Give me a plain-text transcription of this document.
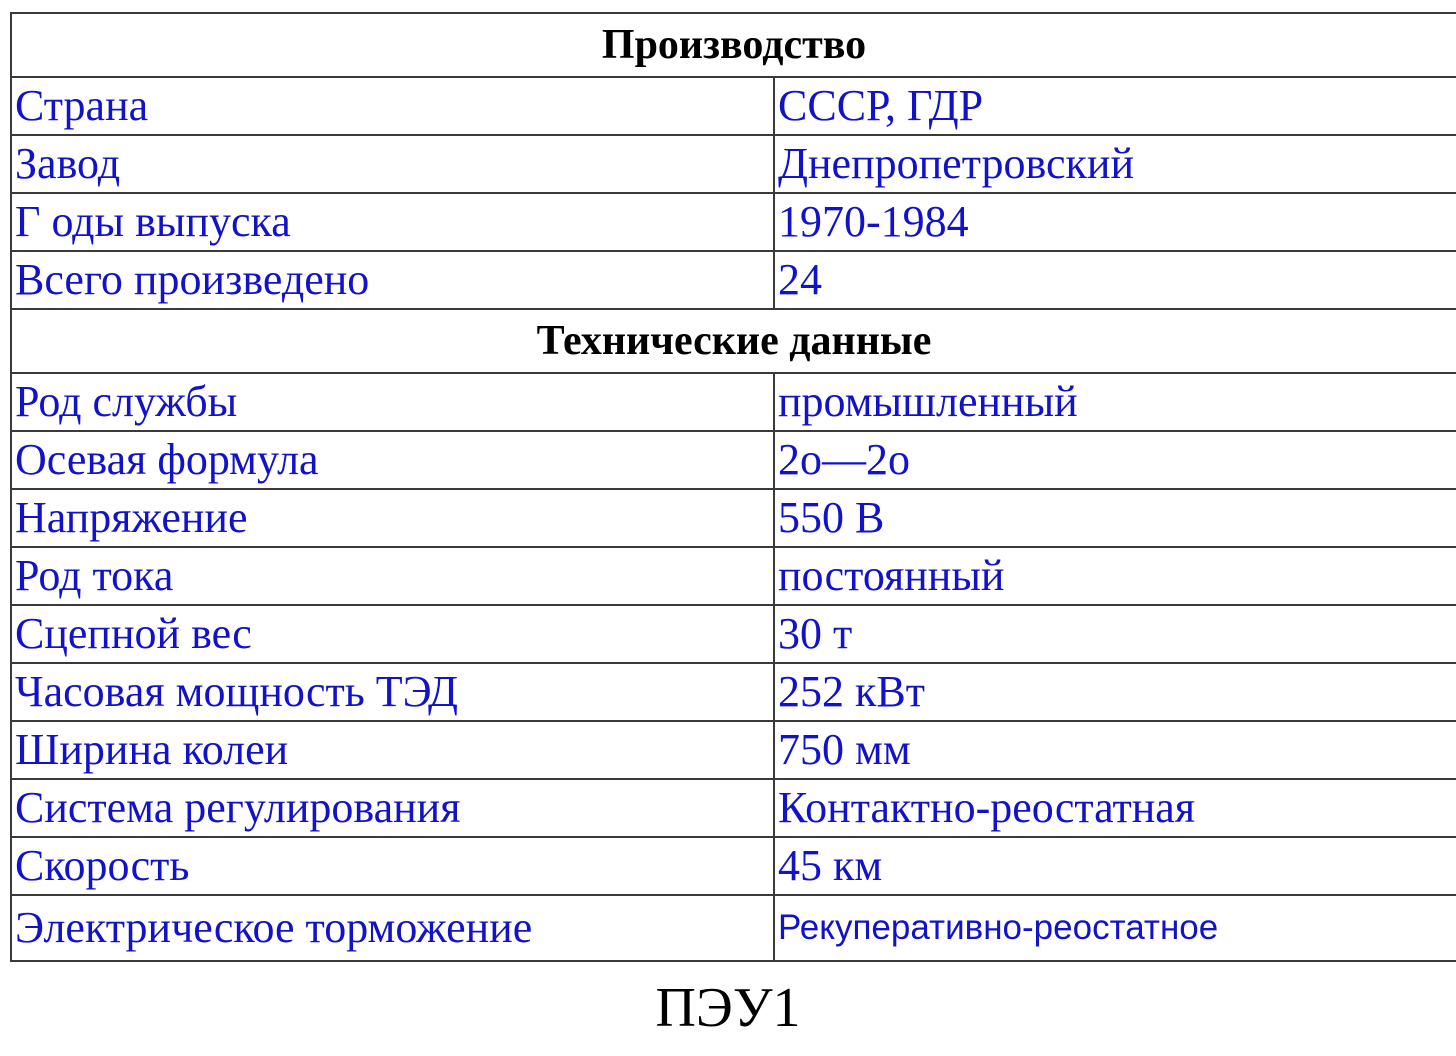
Производство	
Страна	СССР, ГДР
Завод	Днепропетровский
Г оды выпуска	1970-1984
Всего произведено	24
Технические данные	
Род службы	промышленный
Осевая формула	2о—2о
Напряжение	550 В
Род тока	постоянный
Сцепной вес	30 т
Часовая мощность ТЭД	252 кВт
Ширина колеи	750 мм
Система регулирования	Контактно-реостатная
Скорость	45 км
Электрическое торможение	Рекуперативно-реостатное
ПЭУ1
